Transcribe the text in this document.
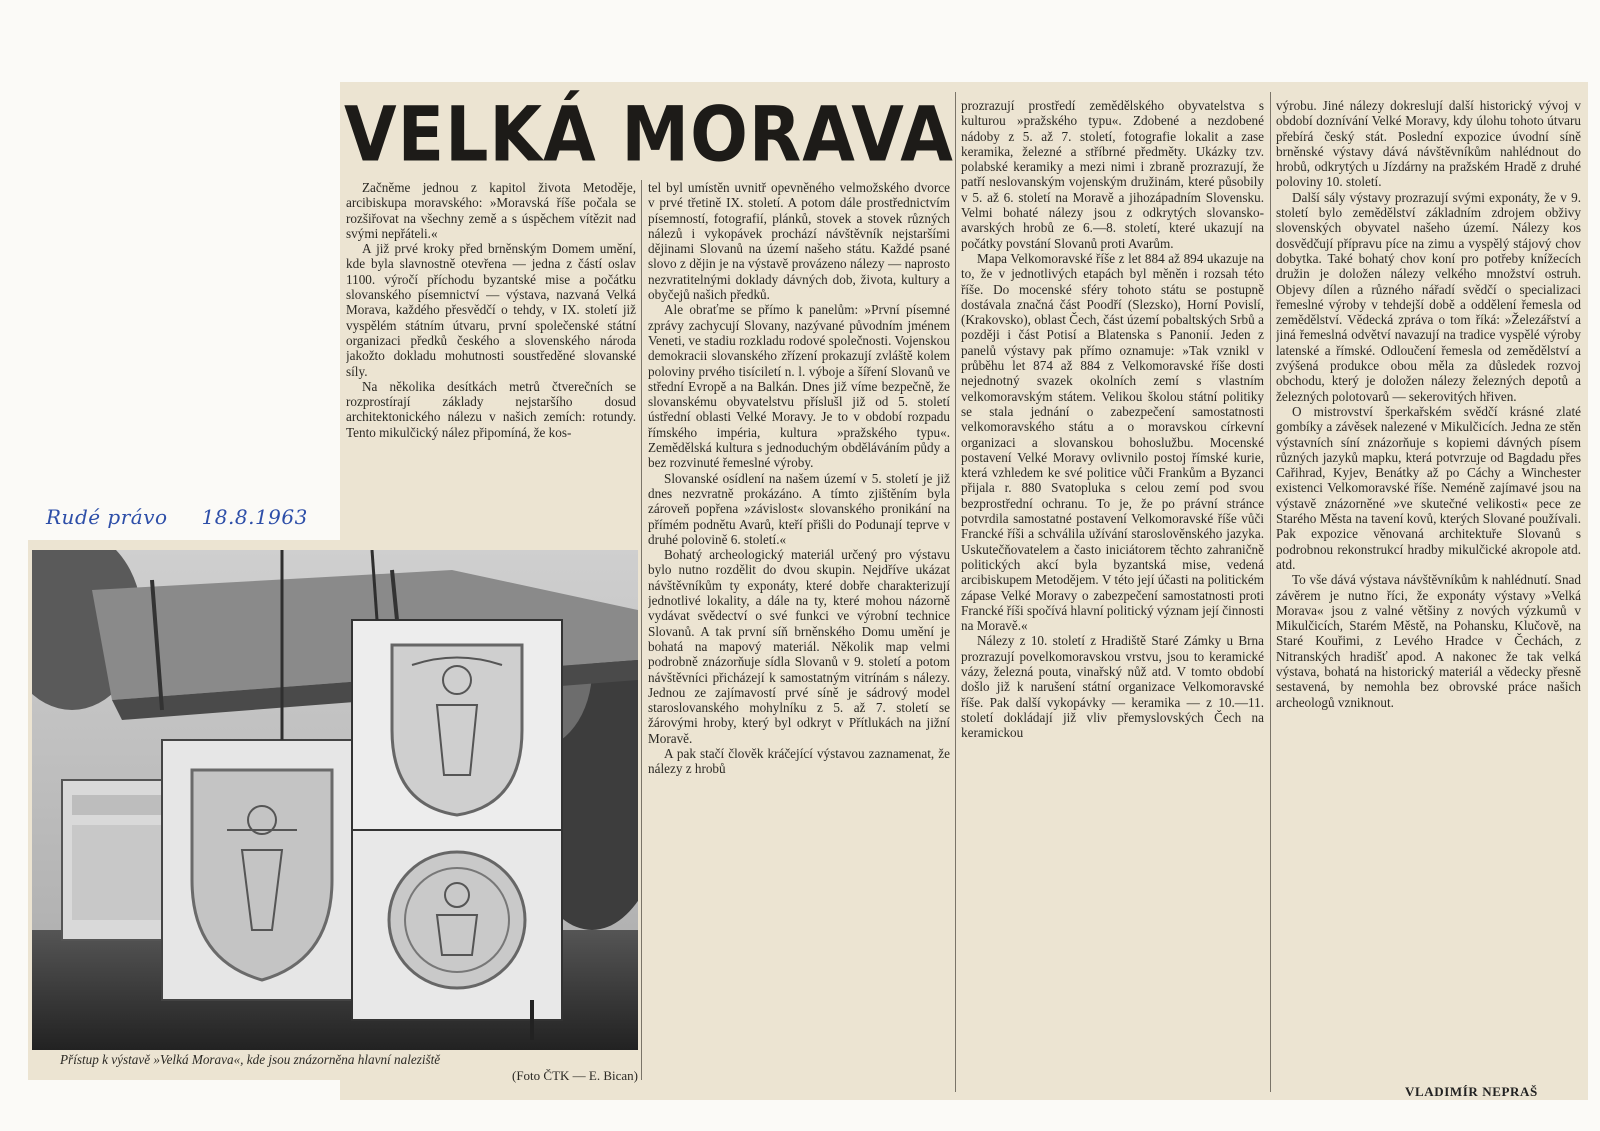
VELKÁ MORAVA
Rudé právo 18.8.1963

Začněme jednou z kapitol života Metoděje, arcibiskupa moravského: »Moravská říše počala se rozšiřovat na všechny země a s úspěchem vítězit nad svými nepřáteli.«

A již prvé kroky před brněnským Domem umění, kde byla slavnostně otevřena — jedna z částí oslav 1100. výročí příchodu byzantské mise a počátku slovanského písemnictví — výstava, nazvaná Velká Morava, každého přesvědčí o tehdy, v IX. století již vyspělém státním útvaru, první společenské státní organizaci předků českého a slovenského národa jakožto dokladu mohutnosti soustředěné slovanské síly.

Na několika desítkách metrů čtverečních se rozprostírají základy nejstaršího dosud architektonického nálezu v našich zemích: rotundy. Tento mikulčický nález připomíná, že kos-

tel byl umístěn uvnitř opevněného velmožského dvorce v prvé třetině IX. století. A potom dále prostřednictvím písemností, fotografií, plánků, stovek a stovek různých nálezů i vykopávek prochází návštěvník nejstaršími dějinami Slovanů na území našeho státu. Každé psané slovo z dějin je na výstavě provázeno nálezy — naprosto nezvratitelnými doklady dávných dob, života, kultury a obyčejů našich předků.

Ale obraťme se přímo k panelům: »První písemné zprávy zachycují Slovany, nazývané původním jménem Veneti, ve stadiu rozkladu rodové společnosti. Vojenskou demokracii slovanského zřízení prokazují zvláště kolem poloviny prvého tisíciletí n. l. výboje a šíření Slovanů ve střední Evropě a na Balkán. Dnes již víme bezpečně, že slovanskému obyvatelstvu příslušl již od 5. století ústřední oblasti Velké Moravy. Je to v období rozpadu římského impéria, kultura »pražského typu«. Zemědělská kultura s jednoduchým obděláváním půdy a bez rozvinuté řemeslné výroby.

Slovanské osídlení na našem území v 5. století je již dnes nezvratně prokázáno. A tímto zjištěním byla zároveň popřena »závislost« slovanského pronikání na přímém podnětu Avarů, kteří přišli do Podunají teprve v druhé polovině 6. století.«

Bohatý archeologický materiál určený pro výstavu bylo nutno rozdělit do dvou skupin. Nejdříve ukázat návštěvníkům ty exponáty, které dobře charakterizují jednotlivé lokality, a dále na ty, které mohou názorně vydávat svědectví o své funkci ve výrobní technice Slovanů. A tak první síň brněnského Domu umění je bohatá na mapový materiál. Několik map velmi podrobně znázorňuje sídla Slovanů v 9. století a potom návštěvníci přicházejí k samostatným vitrínám s nálezy. Jednou ze zajímavostí prvé síně je sádrový model staroslovanského mohylníku z 5. až 7. století se žárovými hroby, který byl odkryt v Přítlukách na jižní Moravě.

A pak stačí člověk kráčející výstavou zaznamenat, že nálezy z hrobů

prozrazují prostředí zemědělského obyvatelstva s kulturou »pražského typu«. Zdobené a nezdobené nádoby z 5. až 7. století, fotografie lokalit a zase keramika, železné a stříbrné předměty. Ukázky tzv. polabské keramiky a mezi nimi i zbraně prozrazují, že patří neslovanským vojenským družinám, které působily v 5. až 6. století na Moravě a jihozápadním Slovensku. Velmi bohaté nálezy jsou z odkrytých slovansko-avarských hrobů ze 6.—8. století, které ukazují na počátky povstání Slovanů proti Avarům.

Mapa Velkomoravské říše z let 884 až 894 ukazuje na to, že v jednotlivých etapách byl měněn i rozsah této říše. Do mocenské sféry tohoto státu se postupně dostávala značná část Poodří (Slezsko), Horní Povislí, (Krakovsko), oblast Čech, část území pobaltských Srbů a později i část Potisí a Blatenska s Panonií. Jeden z panelů výstavy pak přímo oznamuje: »Tak vznikl v průběhu let 874 až 884 z Velkomoravské říše dosti nejednotný svazek okolních zemí s vlastním velkomoravským státem. Velikou školou státní politiky se stala jednání o zabezpečení samostatnosti velkomoravského státu a o moravskou církevní organizaci a slovanskou bohoslužbu. Mocenské postavení Velké Moravy ovlivnilo postoj římské kurie, která vzhledem ke své politice vůči Frankům a Byzanci přijala r. 880 Svatopluka s celou zemí pod svou bezprostřední ochranu. To je, že po právní stránce potvrdila samostatné postavení Velkomoravské říše vůči Francké říši a schválila užívání staroslověnského jazyka. Uskutečňovatelem a často iniciátorem těchto zahraničně politických akcí byla byzantská mise, vedená arcibiskupem Metodějem. V této její účasti na politickém zápase Velké Moravy o zabezpečení samostatnosti proti Francké říši spočívá hlavní politický význam její činnosti na Moravě.«

Nálezy z 10. století z Hradiště Staré Zámky u Brna prozrazují povelkomoravskou vrstvu, jsou to keramické vázy, železná pouta, vinařský nůž atd. V tomto období došlo již k narušení státní organizace Velkomoravské říše. Pak další vykopávky — keramika — z 10.—11. století dokládají již vliv přemyslovských Čech na keramickou

výrobu. Jiné nálezy dokreslují další historický vývoj v období doznívání Velké Moravy, kdy úlohu tohoto útvaru přebírá český stát. Poslední expozice úvodní síně brněnské výstavy dává návštěvníkům nahlédnout do hrobů, odkrytých u Jízdárny na pražském Hradě z druhé poloviny 10. století.

Další sály výstavy prozrazují svými exponáty, že v 9. století bylo zemědělství základním zdrojem obživy slovenských obyvatel našeho území. Nálezy kos dosvědčují přípravu píce na zimu a vyspělý stájový chov dobytka. Také bohatý chov koní pro potřeby knížecích družin je doložen nálezy velkého množství ostruh. Objevy dílen a různého nářadí svědčí o specializaci řemeslné výroby v tehdejší době a oddělení řemesla od zemědělství. Vědecká zpráva o tom říká: »Železářství a jiná řemeslná odvětví navazují na tradice vyspělé výroby latenské a římské. Odloučení řemesla od zemědělství a zvýšená produkce obou měla za důsledek rozvoj obchodu, který je doložen nálezy železných depotů a železných polotovarů — sekerovitých hřiven.

O mistrovství šperkařském svědčí krásné zlaté gombíky a závěsek nalezené v Mikulčicích. Jedna ze stěn výstavních síní znázorňuje s kopiemi dávných písem různých jazyků mapku, která potvrzuje od Bagdadu přes Cařihrad, Kyjev, Benátky až po Cáchy a Winchester existenci Velkomoravské říše. Neméně zajímavé jsou na výstavě znázorněné »ve skutečné velikosti« pece ze Starého Města na tavení kovů, kterých Slované používali. Pak expozice věnovaná architektuře Slovanů s podrobnou rekonstrukcí hradby mikulčické akropole atd. atd.

To vše dává výstava návštěvníkům k nahlédnutí. Snad závěrem je nutno říci, že exponáty výstavy »Velká Morava« jsou z valné většiny z nových výzkumů v Mikulčicích, Starém Městě, na Pohansku, Klučově, na Staré Kouřimi, z Levého Hradce v Čechách, z Nitranských hradišť apod. A nakonec že tak velká výstava, bohatá na historický materiál a vědecky přesně sestavená, by nemohla bez obrovské práce našich archeologů vzniknout.

VLADIMÍR NEPRAŠ
Přístup k výstavě »Velká Morava«, kde jsou znázorněna hlavní naleziště
(Foto ČTK — E. Bican)
